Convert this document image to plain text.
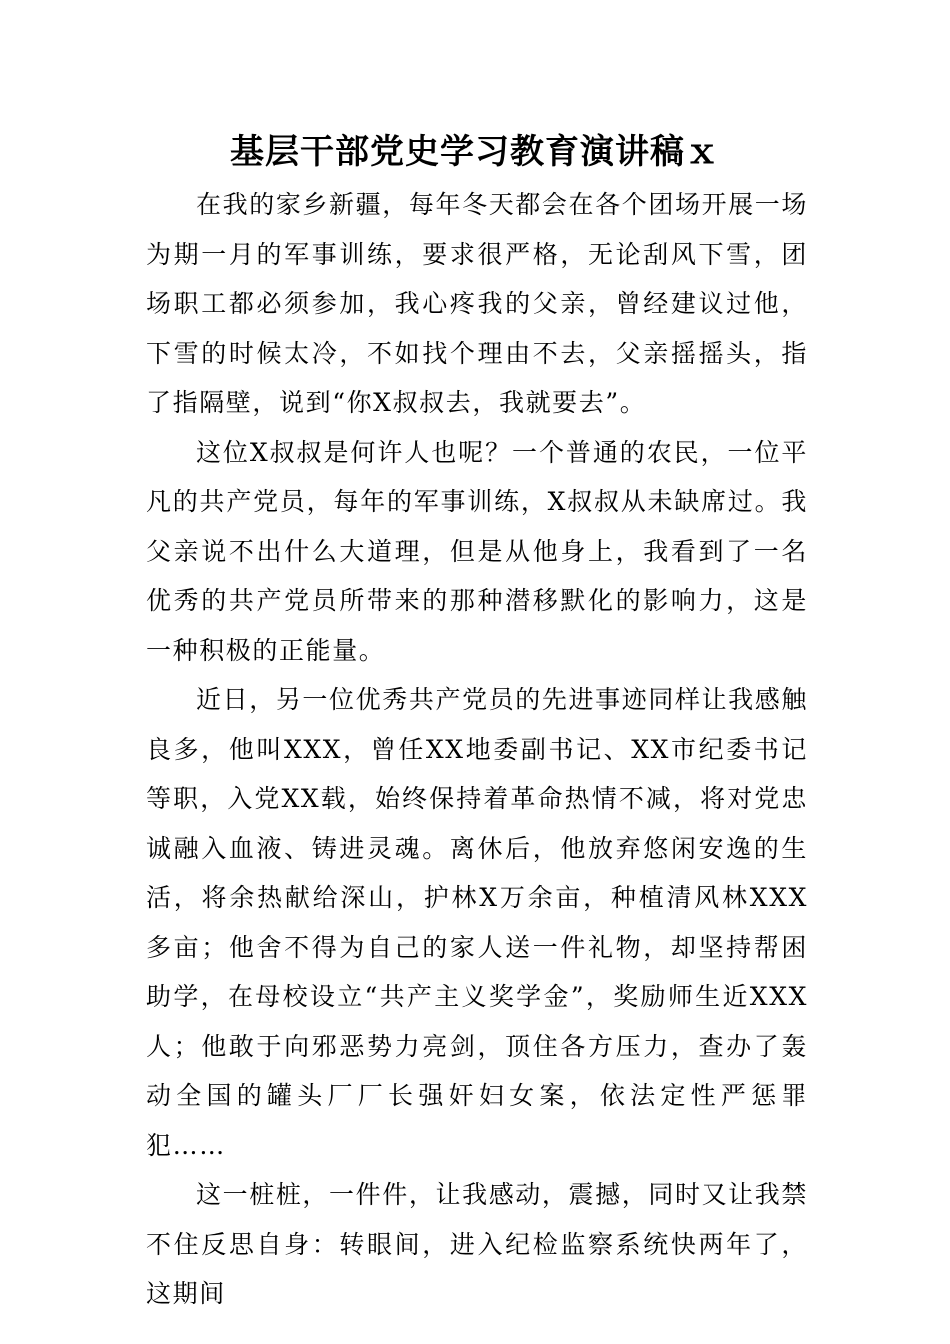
基层干部党史学习教育演讲稿ｘ

在我的家乡新疆，每年冬天都会在各个团场开展一场为期一月的军事训练，要求很严格，无论刮风下雪，团场职工都必须参加，我心疼我的父亲，曾经建议过他，下雪的时候太冷，不如找个理由不去，父亲摇摇头，指了指隔壁，说到“你X叔叔去，我就要去”。

这位X叔叔是何许人也呢？一个普通的农民，一位平凡的共产党员，每年的军事训练，X叔叔从未缺席过。我父亲说不出什么大道理，但是从他身上，我看到了一名优秀的共产党员所带来的那种潜移默化的影响力，这是一种积极的正能量。

近日，另一位优秀共产党员的先进事迹同样让我感触良多，他叫XXX，曾任XX地委副书记、XX市纪委书记等职，入党XX载，始终保持着革命热情不减，将对党忠诚融入血液、铸进灵魂。离休后，他放弃悠闲安逸的生活，将余热献给深山，护林X万余亩，种植清风林XXX多亩；他舍不得为自己的家人送一件礼物，却坚持帮困助学，在母校设立“共产主义奖学金”，奖励师生近XXX人；他敢于向邪恶势力亮剑，顶住各方压力，查办了轰动全国的罐头厂厂长强奸妇女案，依法定性严惩罪犯……

这一桩桩，一件件，让我感动，震撼，同时又让我禁不住反思自身：转眼间，进入纪检监察系统快两年了，这期间
